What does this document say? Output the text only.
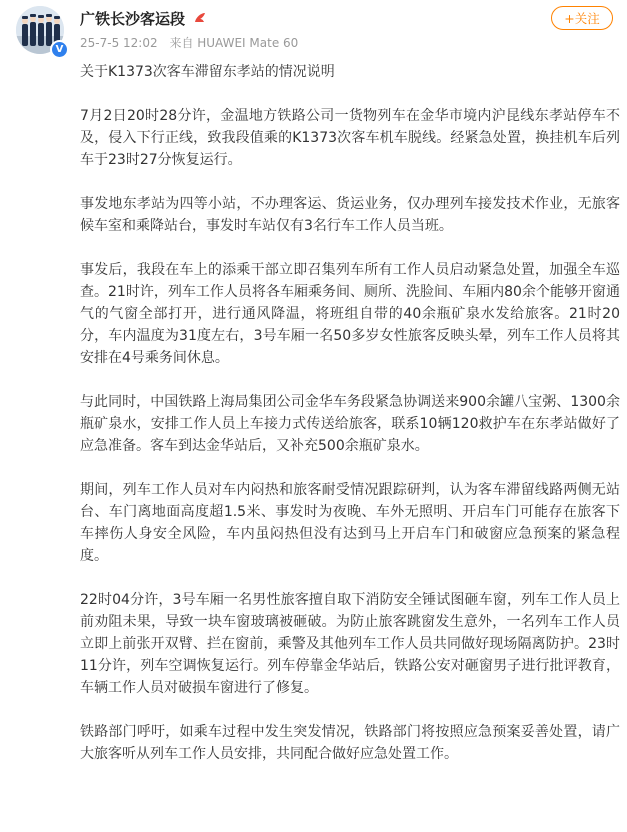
V
广铁长沙客运段
25-7-5 12:02 来自 HUAWEI Mate 60
+关注

关于K1373次客车滞留东孝站的情况说明

7月2日20时28分许，金温地方铁路公司一货物列车在金华市境内沪昆线东孝站停车不及，侵入下行正线，致我段值乘的K1373次客车机车脱线。经紧急处置，换挂机车后列车于23时27分恢复运行。

事发地东孝站为四等小站，不办理客运、货运业务，仅办理列车接发技术作业，无旅客候车室和乘降站台，事发时车站仅有3名行车工作人员当班。

事发后，我段在车上的添乘干部立即召集列车所有工作人员启动紧急处置，加强全车巡查。21时许，列车工作人员将各车厢乘务间、厕所、洗脸间、车厢内80余个能够开窗通气的气窗全部打开，进行通风降温，将班组自带的40余瓶矿泉水发给旅客。21时20分，车内温度为31度左右，3号车厢一名50多岁女性旅客反映头晕，列车工作人员将其安排在4号乘务间休息。

与此同时，中国铁路上海局集团公司金华车务段紧急协调送来900余罐八宝粥、1300余瓶矿泉水，安排工作人员上车接力式传送给旅客，联系10辆120救护车在东孝站做好了应急准备。客车到达金华站后，又补充500余瓶矿泉水。

期间，列车工作人员对车内闷热和旅客耐受情况跟踪研判，认为客车滞留线路两侧无站台、车门离地面高度超1.5米、事发时为夜晚、车外无照明、开启车门可能存在旅客下车摔伤人身安全风险，车内虽闷热但没有达到马上开启车门和破窗应急预案的紧急程度。

22时04分许，3号车厢一名男性旅客擅自取下消防安全锤试图砸车窗，列车工作人员上前劝阻未果，导致一块车窗玻璃被砸破。为防止旅客跳窗发生意外，一名列车工作人员立即上前张开双臂、拦在窗前，乘警及其他列车工作人员共同做好现场隔离防护。23时11分许，列车空调恢复运行。列车停靠金华站后，铁路公安对砸窗男子进行批评教育，车辆工作人员对破损车窗进行了修复。

铁路部门呼吁，如乘车过程中发生突发情况，铁路部门将按照应急预案妥善处置，请广大旅客听从列车工作人员安排，共同配合做好应急处置工作。
